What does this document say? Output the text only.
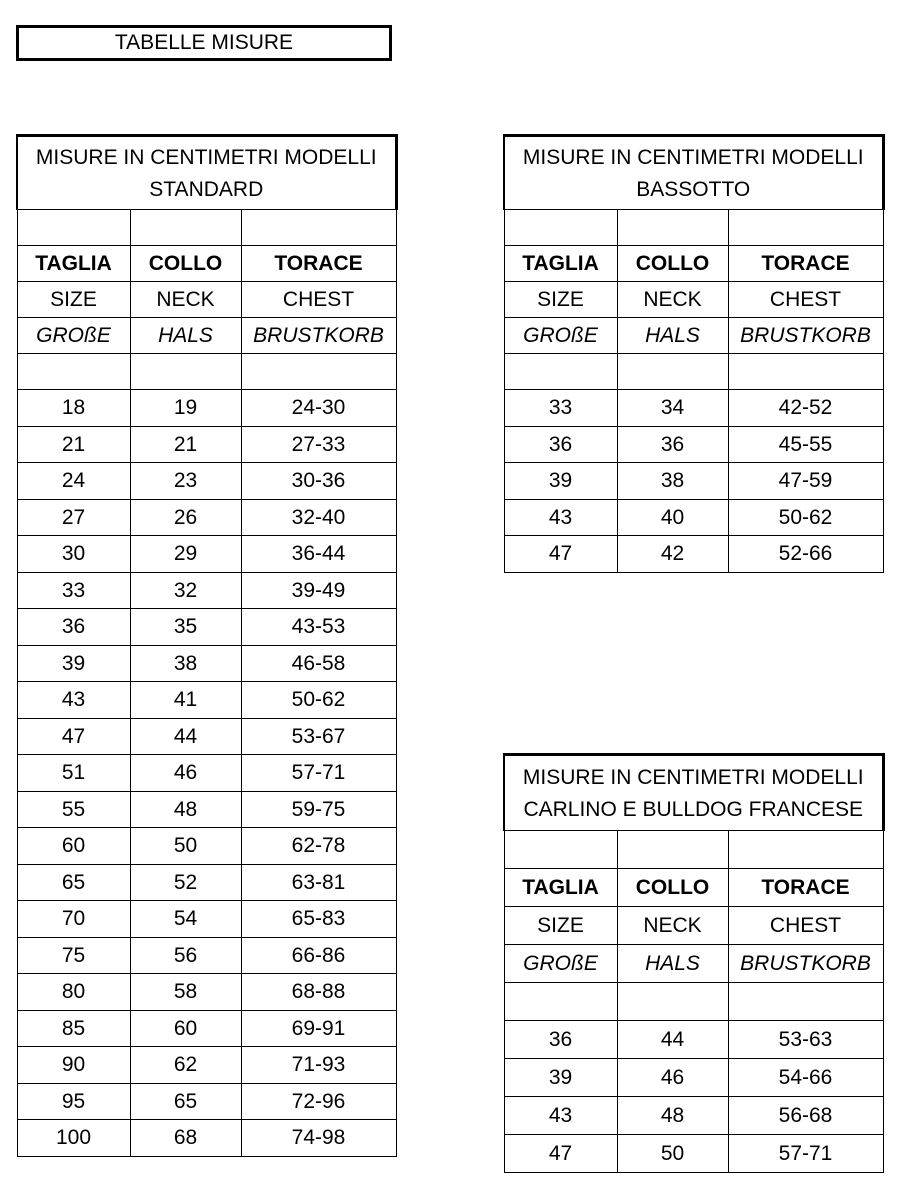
TABELLE MISURE
MISURE IN CENTIMETRI MODELLI
STANDARD		

TAGLIA	COLLO	TORACE
SIZE	NECK	CHEST
GROßE	HALS	BRUSTKORB

18	19	24-30
21	21	27-33
24	23	30-36
27	26	32-40
30	29	36-44
33	32	39-49
36	35	43-53
39	38	46-58
43	41	50-62
47	44	53-67
51	46	57-71
55	48	59-75
60	50	62-78
65	52	63-81
70	54	65-83
75	56	66-86
80	58	68-88
85	60	69-91
90	62	71-93
95	65	72-96
100	68	74-98
MISURE IN CENTIMETRI MODELLI
BASSOTTO		

TAGLIA	COLLO	TORACE
SIZE	NECK	CHEST
GROßE	HALS	BRUSTKORB

33	34	42-52
36	36	45-55
39	38	47-59
43	40	50-62
47	42	52-66
MISURE IN CENTIMETRI MODELLI
CARLINO E BULLDOG FRANCESE		

TAGLIA	COLLO	TORACE
SIZE	NECK	CHEST
GROßE	HALS	BRUSTKORB

36	44	53-63
39	46	54-66
43	48	56-68
47	50	57-71
